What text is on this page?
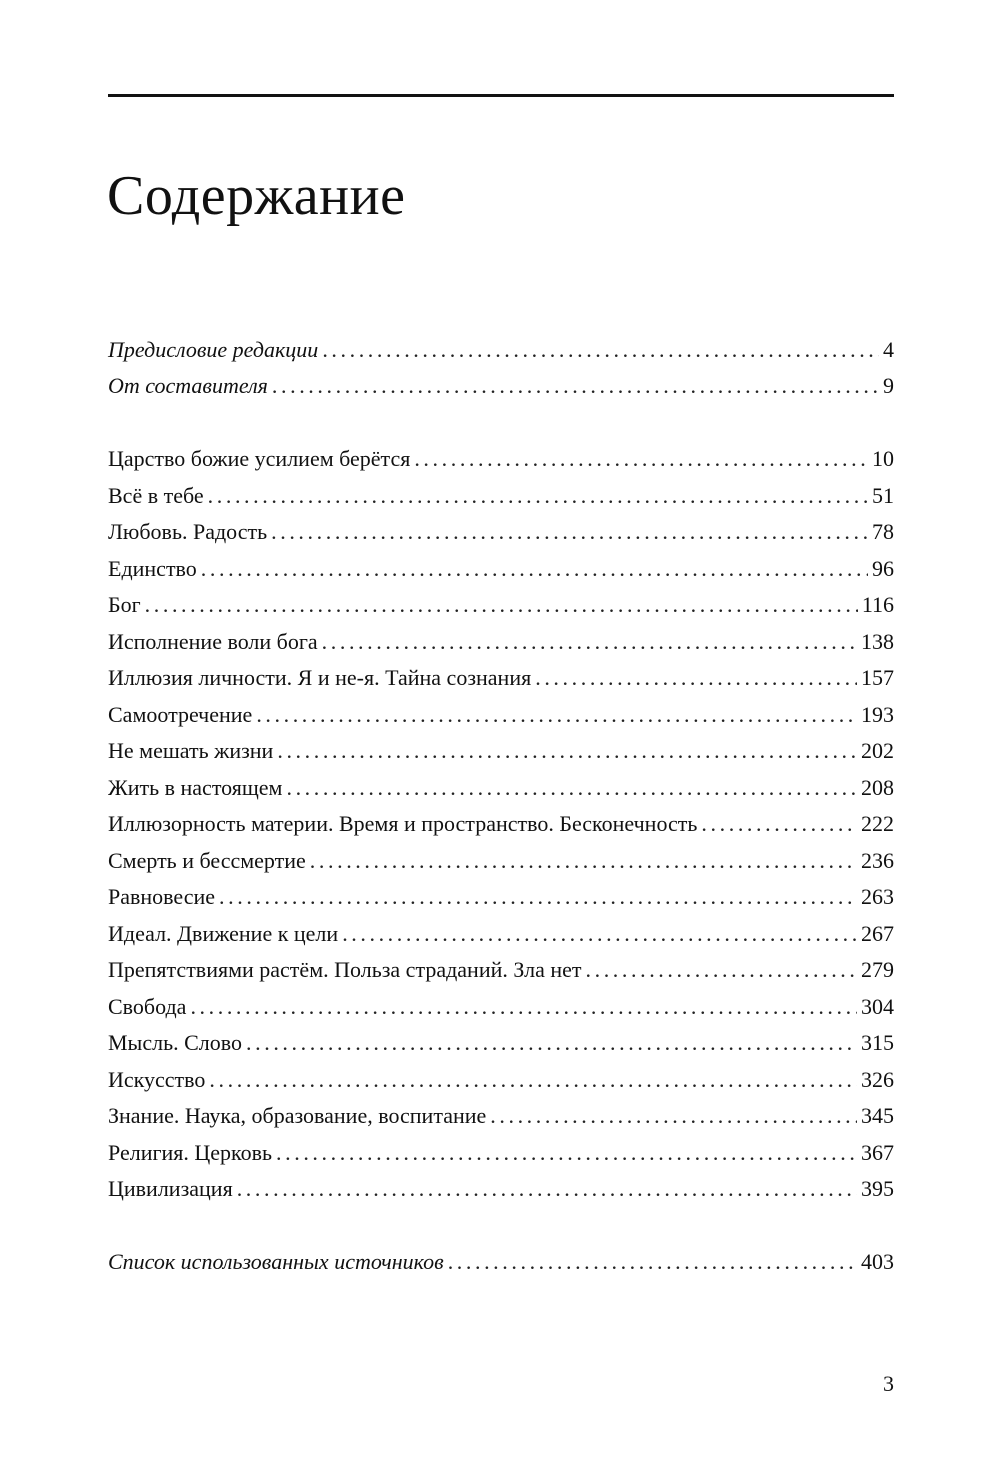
Содержание
Предисловие редакции .....	4
От составителя .....	9
Царство божие усилием берётся .....	10
Всё в тебе .....	51
Любовь. Радость .....	78
Единство .....	96
Бог .....	116
Исполнение воли бога .....	138
Иллюзия личности. Я и не-я. Тайна сознания .....	157
Самоотречение .....	193
Не мешать жизни .....	202
Жить в настоящем .....	208
Иллюзорность материи. Время и пространство. Бесконечность .....	222
Смерть и бессмертие .....	236
Равновесие .....	263
Идеал. Движение к цели .....	267
Препятствиями растём. Польза страданий. Зла нет .....	279
Свобода .....	304
Мысль. Слово .....	315
Искусство .....	326
Знание. Наука, образование, воспитание .....	345
Религия. Церковь .....	367
Цивилизация .....	395
Список использованных источников .....	403
3
